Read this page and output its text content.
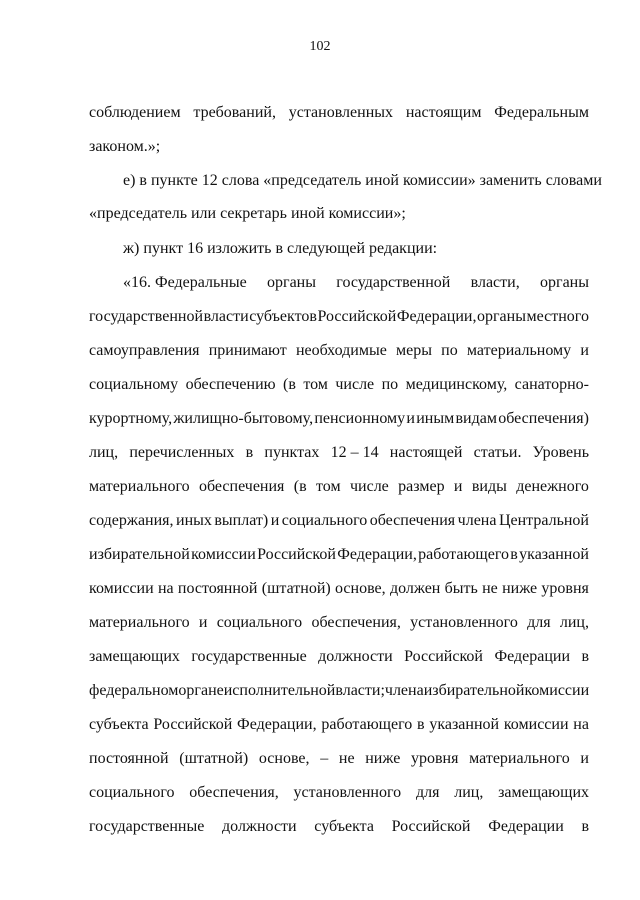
102
соблюдением требований, установленных настоящим Федеральным
законом.»;
е) в пункте 12 слова «председатель иной комиссии» заменить словами
«председатель или секретарь иной комиссии»;
ж) пункт 16 изложить в следующей редакции:
«16. Федеральные органы государственной власти, органы
государственной власти субъектов Российской Федерации, органы местного
самоуправления принимают необходимые меры по материальному и
социальному обеспечению (в том числе по медицинскому, санаторно-
курортному, жилищно-бытовому, пенсионному и иным видам обеспечения)
лиц, перечисленных в пунктах 12 – 14 настоящей статьи. Уровень
материального обеспечения (в том числе размер и виды денежного
содержания, иных выплат) и социального обеспечения члена Центральной
избирательной комиссии Российской Федерации, работающего в указанной
комиссии на постоянной (штатной) основе, должен быть не ниже уровня
материального и социального обеспечения, установленного для лиц,
замещающих государственные должности Российской Федерации в
федеральном органе исполнительной власти; члена избирательной комиссии
субъекта Российской Федерации, работающего в указанной комиссии на
постоянной (штатной) основе, – не ниже уровня материального и
социального обеспечения, установленного для лиц, замещающих
государственные должности субъекта Российской Федерации в
